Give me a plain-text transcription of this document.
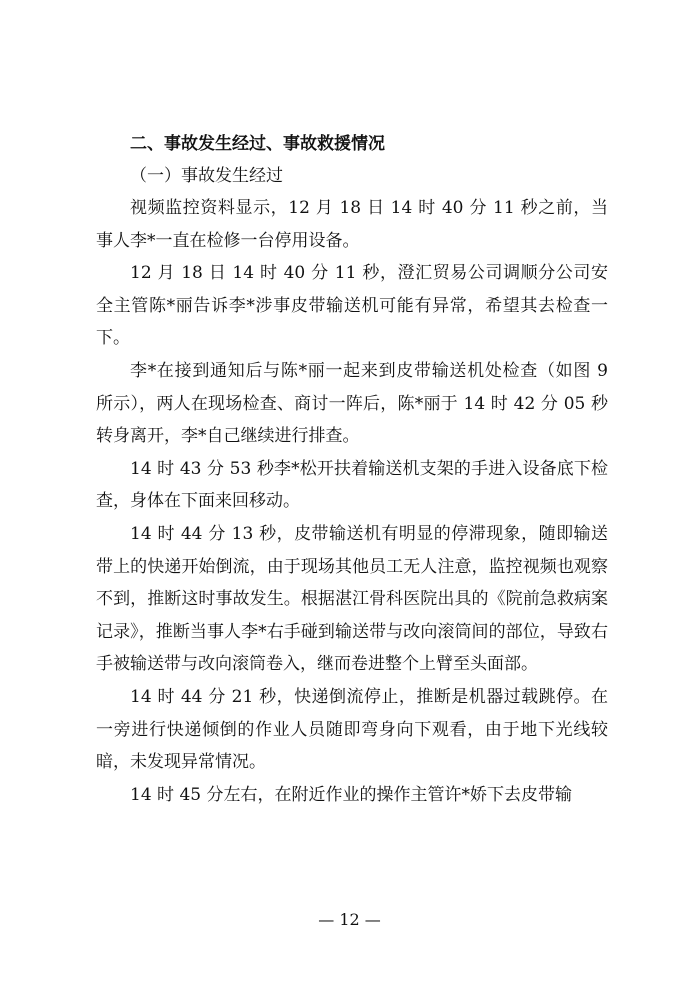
二、事故发生经过、事故救援情况

（一）事故发生经过

视频监控资料显示，12 月 18 日 14 时 40 分 11 秒之前，当事人李*一直在检修一台停用设备。

12 月 18 日 14 时 40 分 11 秒，澄汇贸易公司调顺分公司安全主管陈*丽告诉李*涉事皮带输送机可能有异常，希望其去检查一下。

李*在接到通知后与陈*丽一起来到皮带输送机处检查（如图 9 所示），两人在现场检查、商讨一阵后，陈*丽于 14 时 42 分 05 秒转身离开，李*自己继续进行排查。

14 时 43 分 53 秒李*松开扶着输送机支架的手进入设备底下检查，身体在下面来回移动。

14 时 44 分 13 秒，皮带输送机有明显的停滞现象，随即输送带上的快递开始倒流，由于现场其他员工无人注意，监控视频也观察不到，推断这时事故发生。根据湛江骨科医院出具的《院前急救病案记录》，推断当事人李*右手碰到输送带与改向滚筒间的部位，导致右手被输送带与改向滚筒卷入，继而卷进整个上臂至头面部。

14 时 44 分 21 秒，快递倒流停止，推断是机器过载跳停。在一旁进行快递倾倒的作业人员随即弯身向下观看，由于地下光线较暗，未发现异常情况。

14 时 45 分左右，在附近作业的操作主管许*娇下去皮带输

— 12 —
